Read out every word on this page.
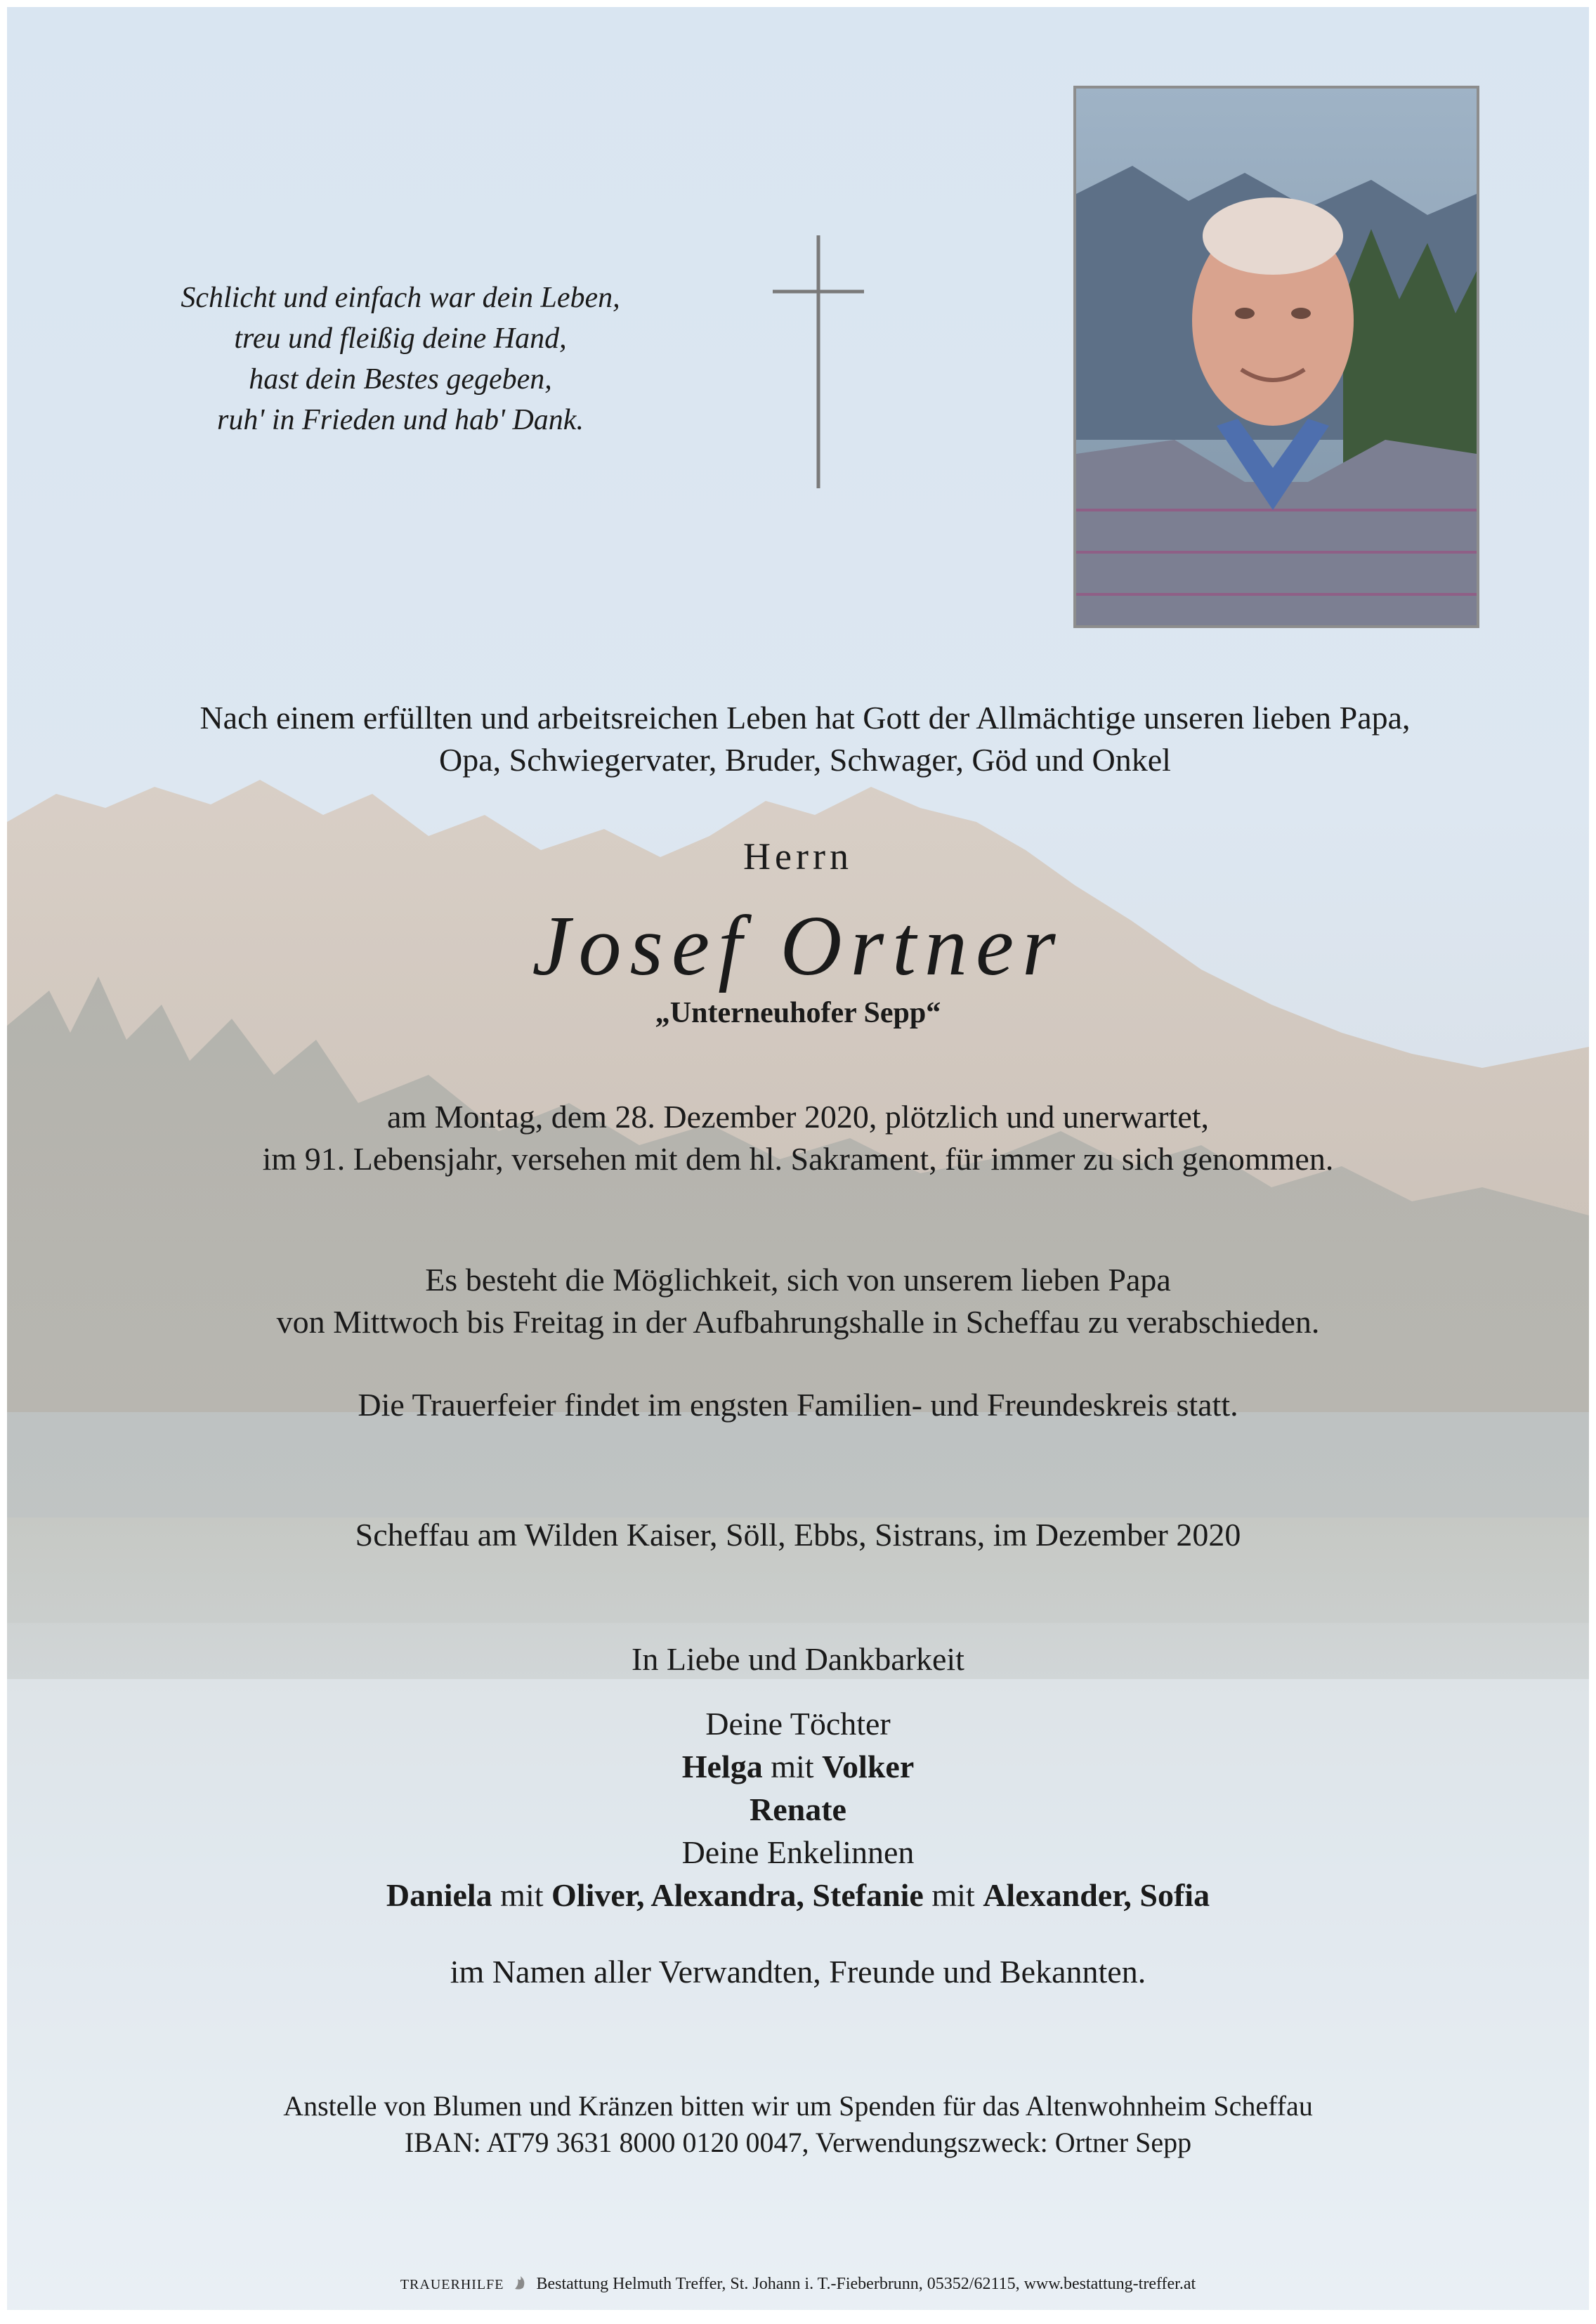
Schlicht und einfach war dein Leben,
treu und fleißig deine Hand,
hast dein Bestes gegeben,
ruh' in Frieden und hab' Dank.
Nach einem erfüllten und arbeitsreichen Leben hat Gott der Allmächtige unseren lieben Papa,
Opa, Schwiegervater, Bruder, Schwager, Göd und Onkel
Herrn
Josef Ortner
„Unterneuhofer Sepp“
am Montag, dem 28. Dezember 2020, plötzlich und unerwartet,
im 91. Lebensjahr, versehen mit dem hl. Sakrament, für immer zu sich genommen.
Es besteht die Möglichkeit, sich von unserem lieben Papa
von Mittwoch bis Freitag in der Aufbahrungshalle in Scheffau zu verabschieden.
Die Trauerfeier findet im engsten Familien- und Freundeskreis statt.
Scheffau am Wilden Kaiser, Söll, Ebbs, Sistrans, im Dezember 2020
In Liebe und Dankbarkeit
Deine Töchter
Helga mit Volker
Renate
Deine Enkelinnen
Daniela mit Oliver, Alexandra, Stefanie mit Alexander, Sofia
im Namen aller Verwandten, Freunde und Bekannten.
Anstelle von Blumen und Kränzen bitten wir um Spenden für das Altenwohnheim Scheffau
IBAN: AT79 3631 8000 0120 0047, Verwendungszweck: Ortner Sepp
TRAUERHILFE Bestattung Helmuth Treffer, St. Johann i. T.-Fieberbrunn, 05352/62115, www.bestattung-treffer.at
